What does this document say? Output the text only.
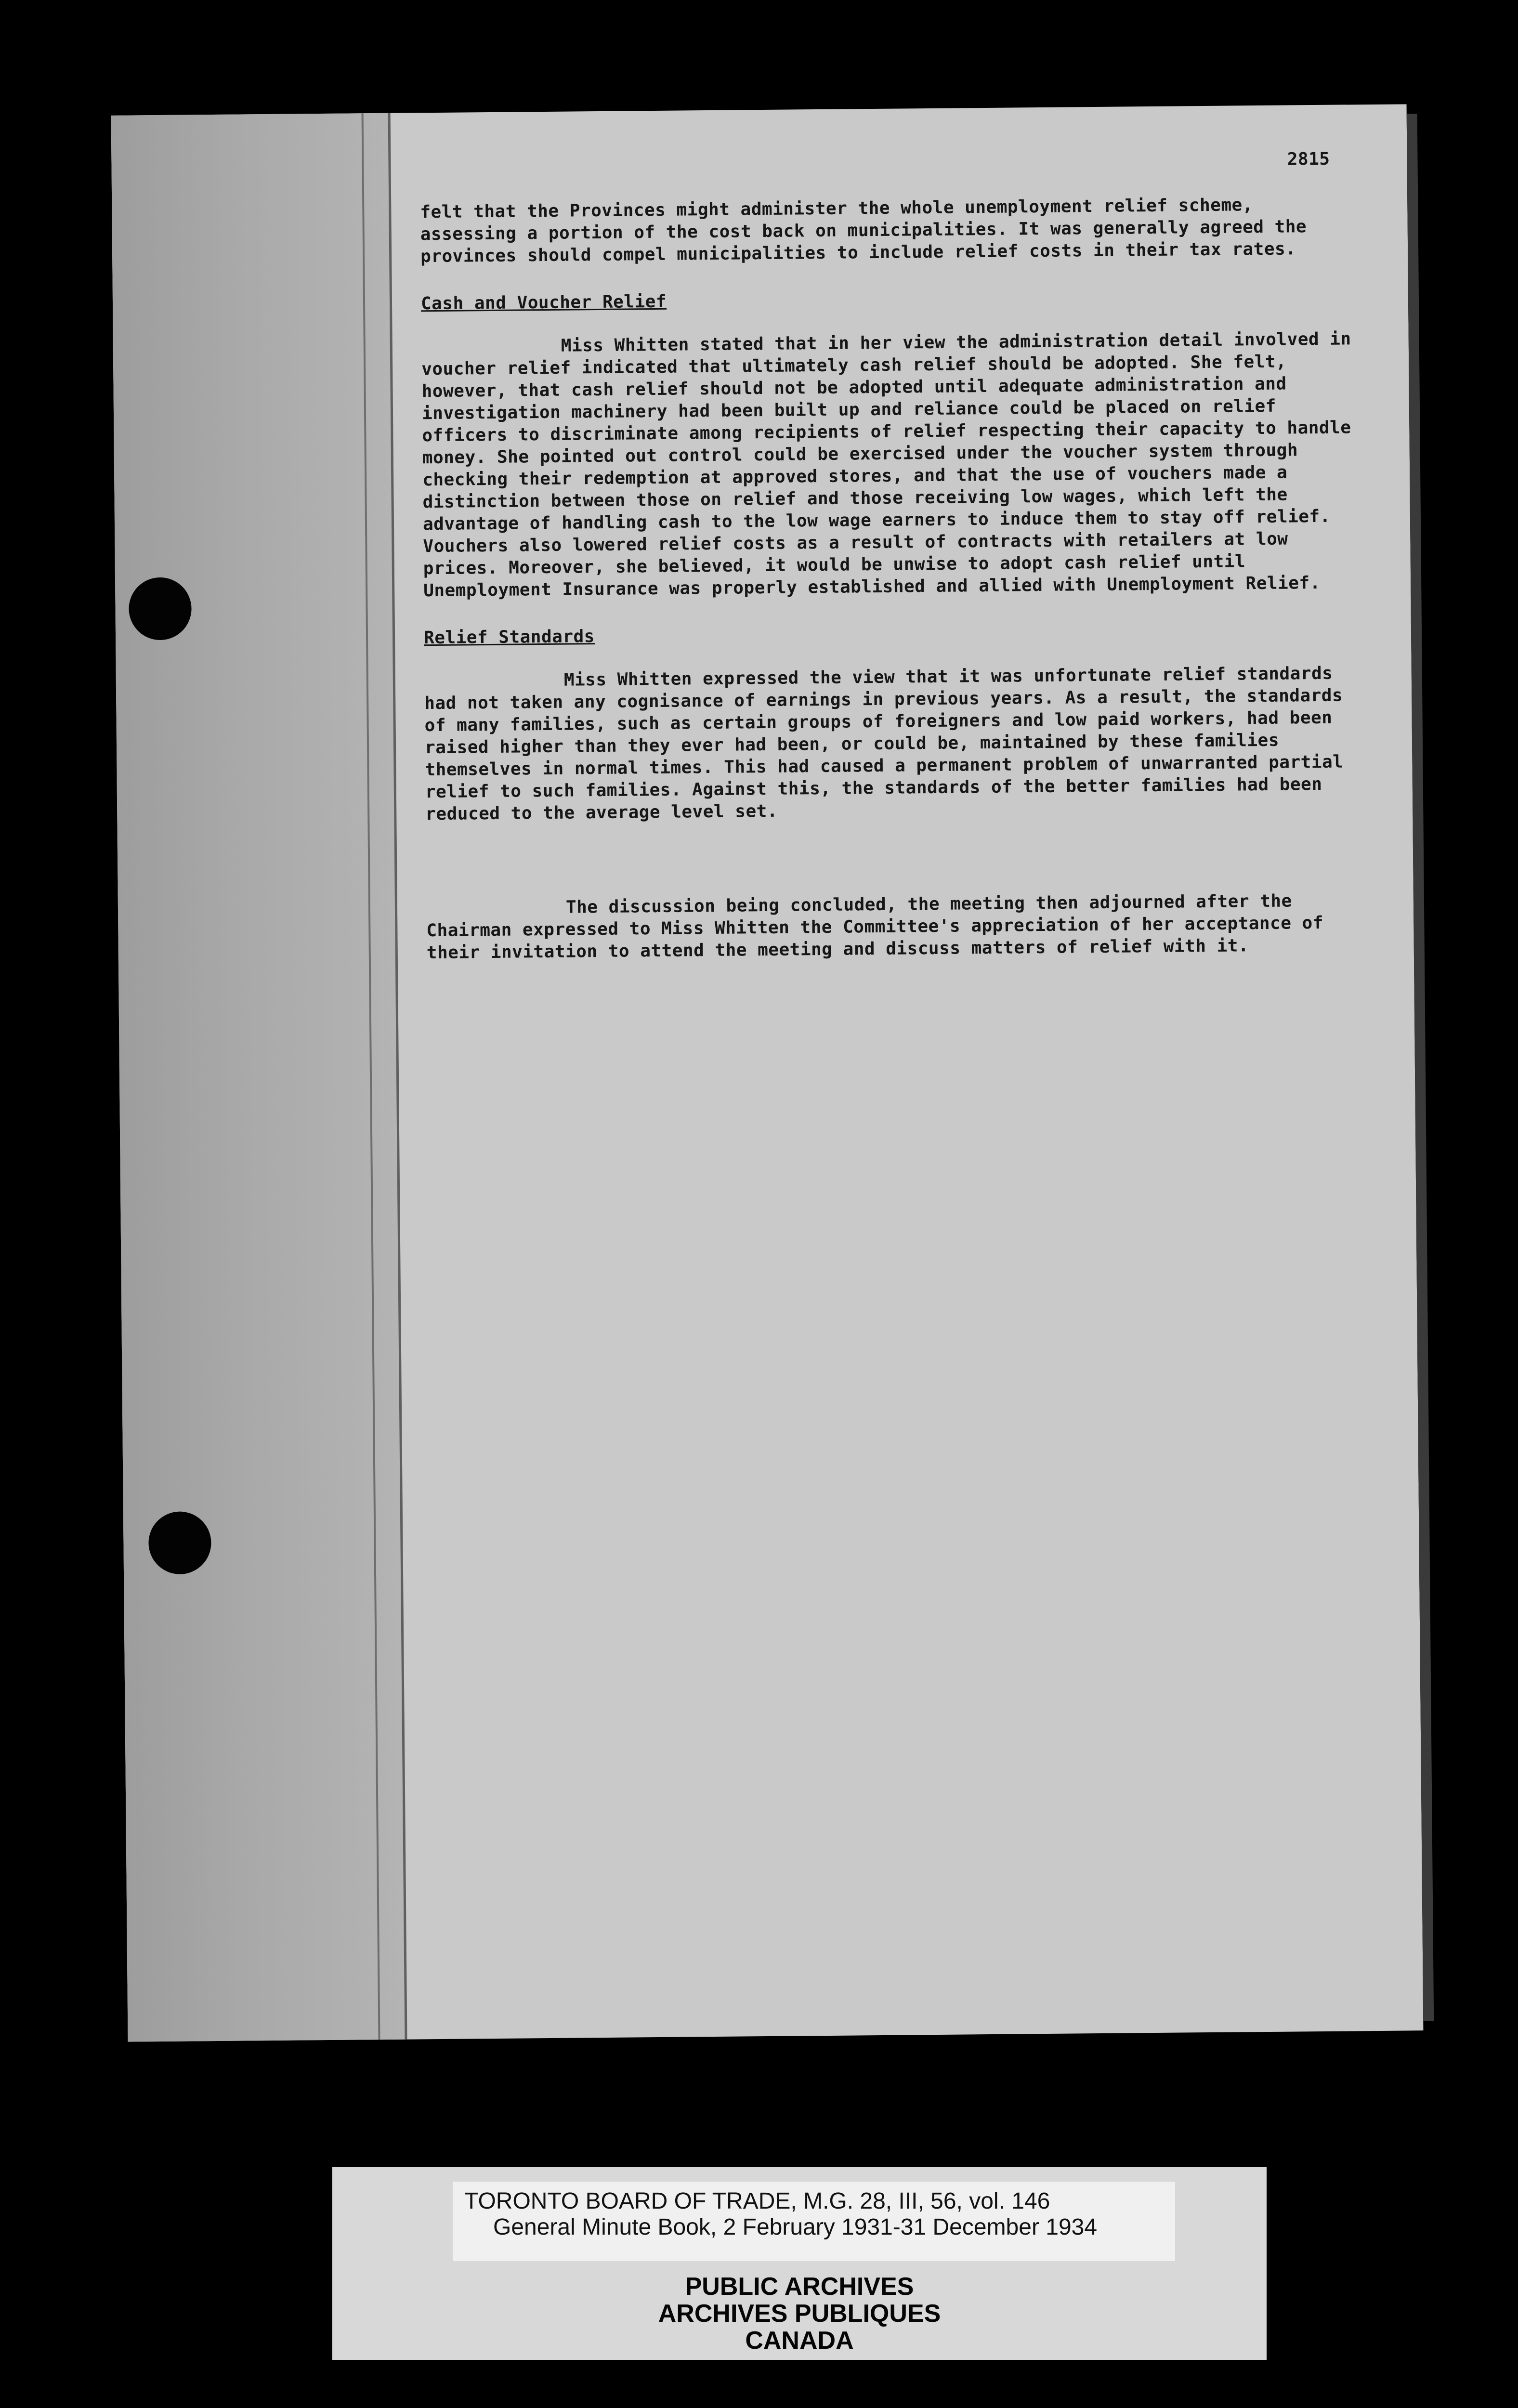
2815

felt that the Provinces might administer the whole unemployment relief scheme, assessing a portion of the cost back on municipalities. It was generally agreed the provinces should compel municipalities to include relief costs in their tax rates.

Cash and Voucher Relief

Miss Whitten stated that in her view the administration detail involved in voucher relief indicated that ultimately cash relief should be adopted. She felt, however, that cash relief should not be adopted until adequate administration and investigation machinery had been built up and reliance could be placed on relief officers to discriminate among recipients of relief respecting their capacity to handle money. She pointed out control could be exercised under the voucher system through checking their redemption at approved stores, and that the use of vouchers made a distinction between those on relief and those receiving low wages, which left the advantage of handling cash to the low wage earners to induce them to stay off relief. Vouchers also lowered relief costs as a result of contracts with retailers at low prices. Moreover, she believed, it would be unwise to adopt cash relief until Unemployment Insurance was properly established and allied with Unemployment Relief.

Relief Standards

Miss Whitten expressed the view that it was unfortunate relief standards had not taken any cognisance of earnings in previous years. As a result, the standards of many families, such as certain groups of foreigners and low paid workers, had been raised higher than they ever had been, or could be, maintained by these families themselves in normal times. This had caused a permanent problem of unwarranted partial relief to such families. Against this, the standards of the better families had been reduced to the average level set.

The discussion being concluded, the meeting then adjourned after the Chairman expressed to Miss Whitten the Committee's appreciation of her acceptance of their invitation to attend the meeting and discuss matters of relief with it.

TORONTO BOARD OF TRADE, M.G. 28, III, 56, vol. 146
General Minute Book, 2 February 1931-31 December 1934
PUBLIC ARCHIVES
ARCHIVES PUBLIQUES
CANADA
